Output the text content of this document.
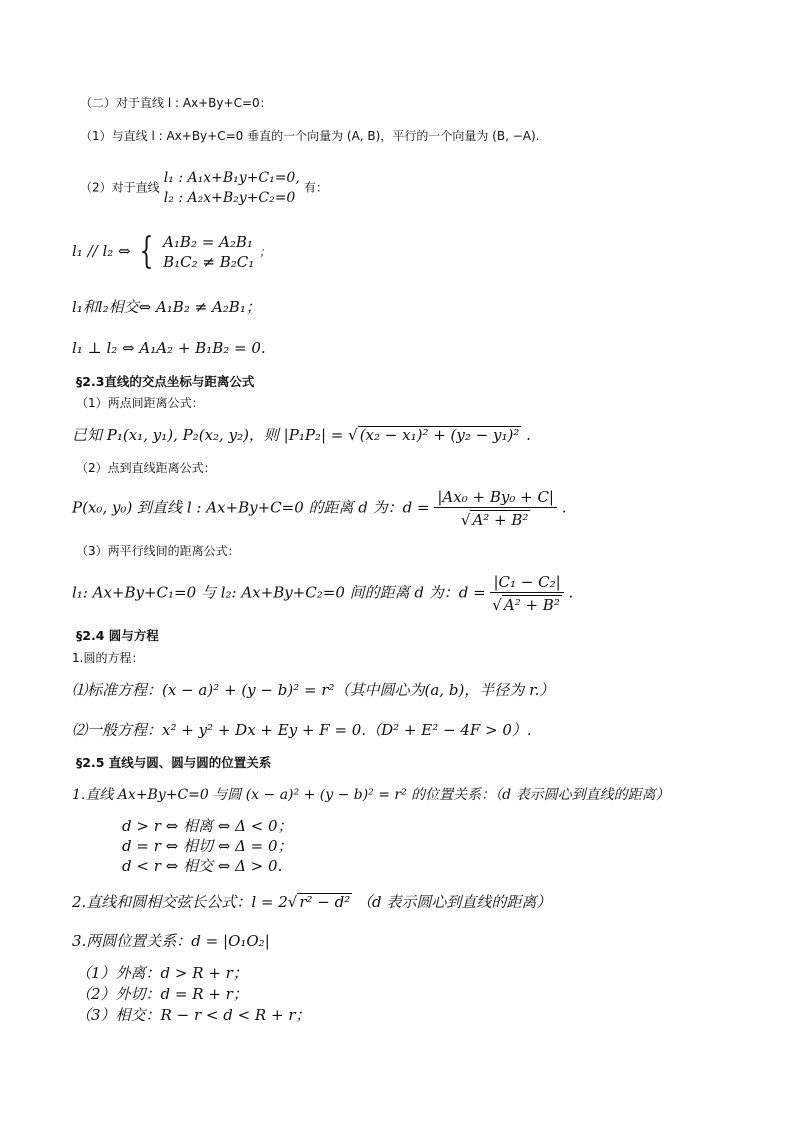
（二）对于直线 l : Ax+By+C=0：
（1）与直线 l : Ax+By+C=0 垂直的一个向量为 (A, B)，平行的一个向量为 (B, −A).
（2）对于直线
l₁ : A₁x+B₁y+C₁=0,
l₂ : A₂x+B₂y+C₂=0
有：
l₁ // l₂ ⇔ { A₁B₂ = A₂B₁
B₁C₂ ≠ B₂C₁
；
l₁和l₂相交⇔ A₁B₂ ≠ A₂B₁；
l₁ ⊥ l₂ ⇔ A₁A₂ + B₁B₂ = 0.
§2.3直线的交点坐标与距离公式
（1）两点间距离公式：
已知 P₁(x₁, y₁), P₂(x₂, y₂)，则 |P₁P₂| = √ (x₂ − x₁)² + (y₂ − y₁)² .
（2）点到直线距离公式：
P(x₀, y₀) 到直线 l : Ax+By+C=0 的距离 d 为：$d = \frac{\text{|Ax₀ + By₀ + C|}}{\text{√ A² + B²}}$ .
（3）两平行线间的距离公式：
l₁: Ax+By+C₁=0 与 l₂: Ax+By+C₂=0 间的距离 d 为：$d = \frac{\text{|C₁ − C₂|}}{\text{√ A² + B²}}$ .
§2.4 圆与方程
1.圆的方程：
⑴标准方程：(x − a)² + (y − b)² = r²（其中圆心为(a, b)，半径为 r.）
⑵一般方程：x² + y² + Dx + Ey + F = 0.（D² + E² − 4F > 0）.
§2.5 直线与圆、圆与圆的位置关系
1.直线 Ax+By+C=0 与圆 (x − a)² + (y − b)² = r² 的位置关系：（d 表示圆心到直线的距离）
d > r ⇔ 相离 ⇔ Δ < 0；
d = r ⇔ 相切 ⇔ Δ = 0；
d < r ⇔ 相交 ⇔ Δ > 0.
2.直线和圆相交弦长公式：l = 2√ r² − d² （d 表示圆心到直线的距离）
3.两圆位置关系：d = |O₁O₂|
（1）外离：d > R + r；
（2）外切：d = R + r；
（3）相交：R − r < d < R + r；
